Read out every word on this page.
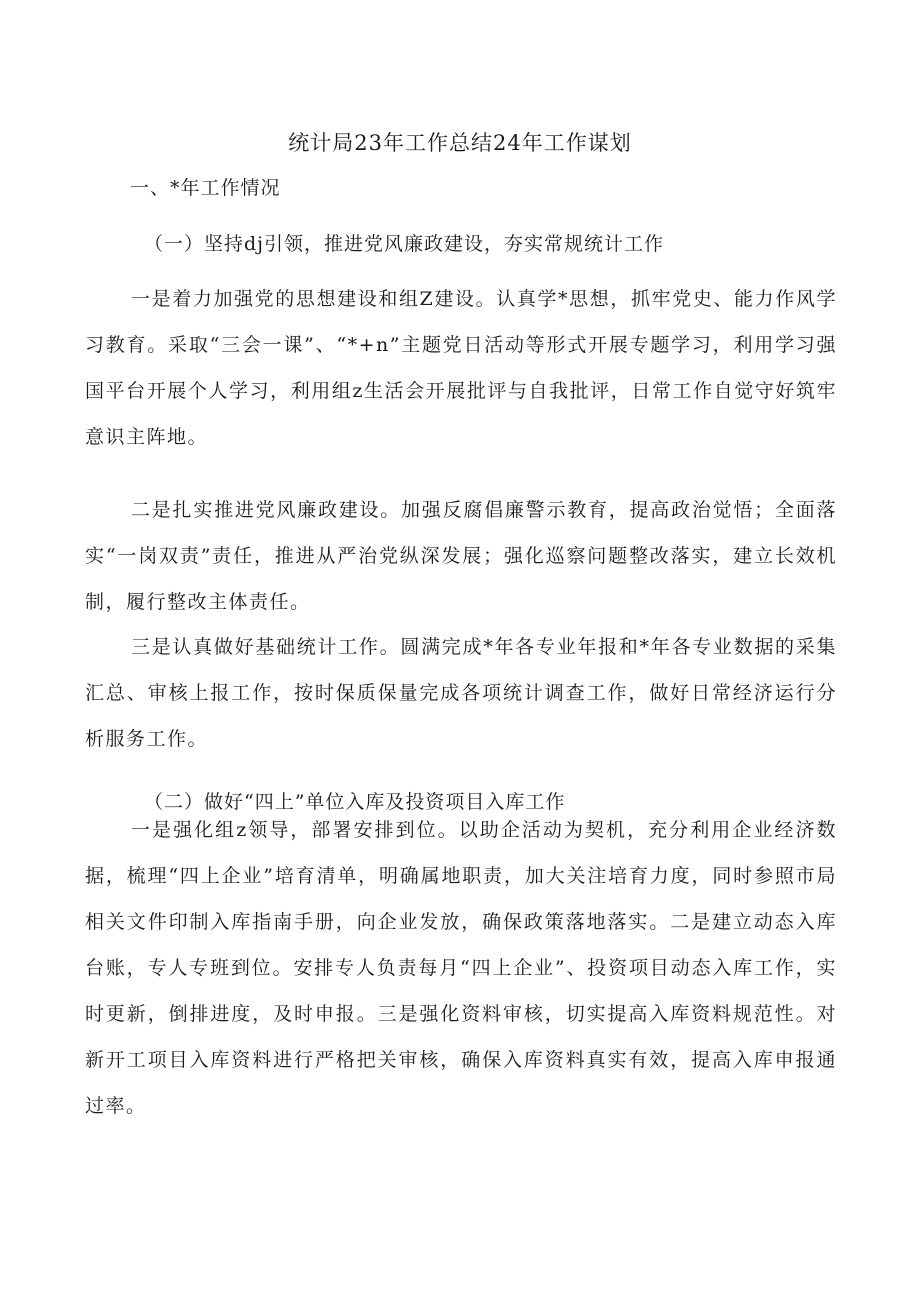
统计局23年工作总结24年工作谋划
一、*年工作情况
（一）坚持dj引领，推进党风廉政建设，夯实常规统计工作

一是着力加强党的思想建设和组Z建设。认真学*思想，抓牢党史、能力作风学习教育。采取“三会一课”、“*+n”主题党日活动等形式开展专题学习，利用学习强国平台开展个人学习，利用组z生活会开展批评与自我批评，日常工作自觉守好筑牢意识主阵地。

二是扎实推进党风廉政建设。加强反腐倡廉警示教育，提高政治觉悟；全面落实“一岗双责”责任，推进从严治党纵深发展；强化巡察问题整改落实，建立长效机制，履行整改主体责任。

三是认真做好基础统计工作。圆满完成*年各专业年报和*年各专业数据的采集汇总、审核上报工作，按时保质保量完成各项统计调查工作，做好日常经济运行分析服务工作。

（二）做好“四上”单位入库及投资项目入库工作

一是强化组z领导，部署安排到位。以助企活动为契机，充分利用企业经济数据，梳理“四上企业”培育清单，明确属地职责，加大关注培育力度，同时参照市局相关文件印制入库指南手册，向企业发放，确保政策落地落实。二是建立动态入库台账，专人专班到位。安排专人负责每月“四上企业”、投资项目动态入库工作，实时更新，倒排进度，及时申报。三是强化资料审核，切实提高入库资料规范性。对新开工项目入库资料进行严格把关审核，确保入库资料真实有效，提高入库申报通过率。
